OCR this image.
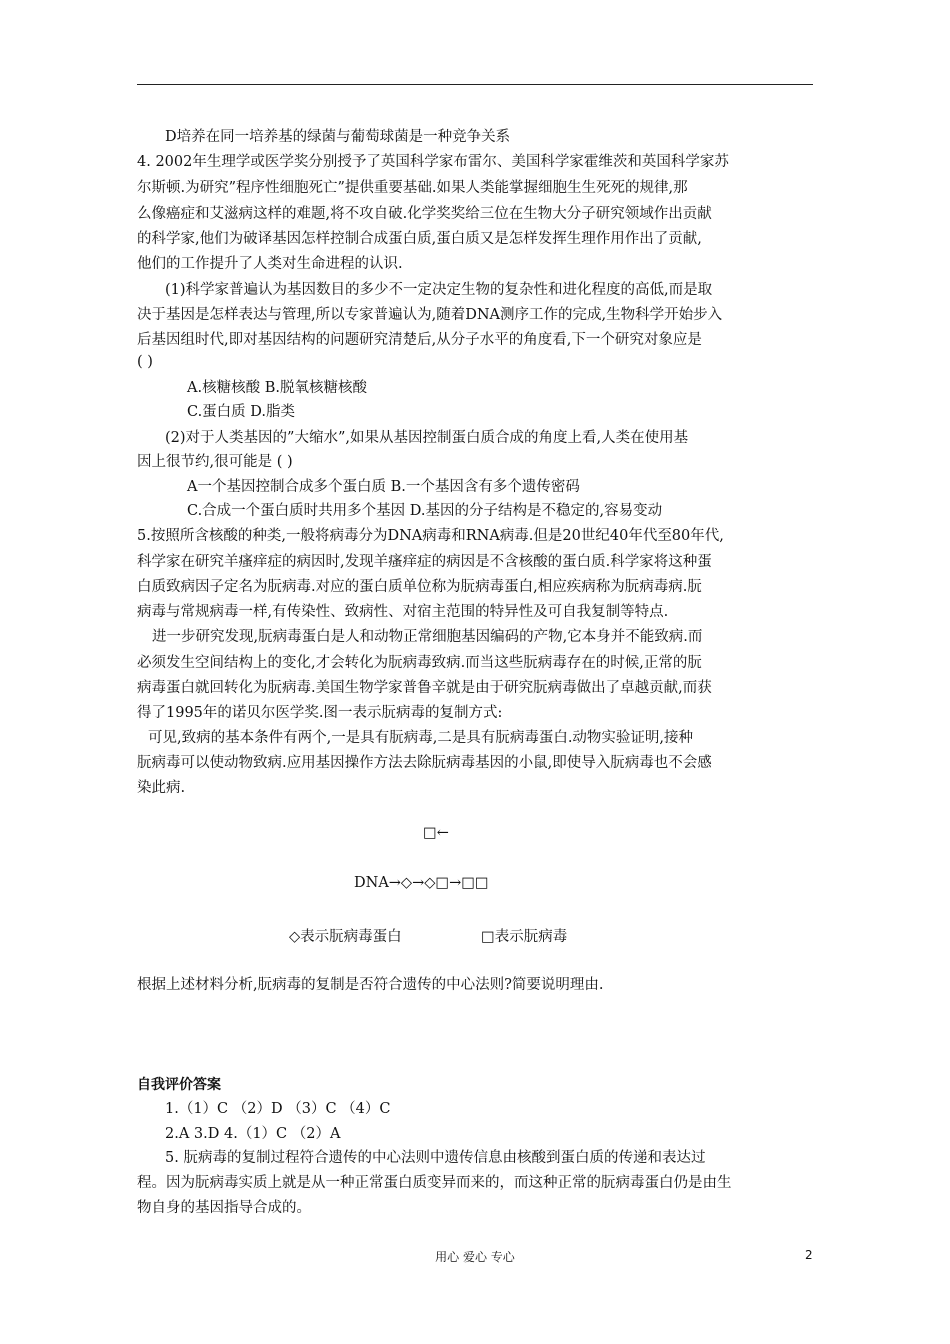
D培养在同一培养基的绿菌与葡萄球菌是一种竞争关系
4. 2002年生理学或医学奖分别授予了英国科学家布雷尔、美国科学家霍维茨和英国科学家苏
尔斯顿.为研究”程序性细胞死亡”提供重要基础.如果人类能掌握细胞生生死死的规律,那
么像癌症和艾滋病这样的难题,将不攻自破.化学奖奖给三位在生物大分子研究领域作出贡献
的科学家,他们为破译基因怎样控制合成蛋白质,蛋白质又是怎样发挥生理作用作出了贡献,
他们的工作提升了人类对生命进程的认识.
(1)科学家普遍认为基因数目的多少不一定决定生物的复杂性和进化程度的高低,而是取
决于基因是怎样表达与管理,所以专家普遍认为,随着DNA测序工作的完成,生物科学开始步入
后基因组时代,即对基因结构的问题研究清楚后,从分子水平的角度看,下一个研究对象应是
( )
A.核糖核酸 B.脱氧核糖核酸
C.蛋白质 D.脂类
(2)对于人类基因的”大缩水”,如果从基因控制蛋白质合成的角度上看,人类在使用基
因上很节约,很可能是 ( )
A一个基因控制合成多个蛋白质 B.一个基因含有多个遗传密码
C.合成一个蛋白质时共用多个基因 D.基因的分子结构是不稳定的,容易变动
5.按照所含核酸的种类,一般将病毒分为DNA病毒和RNA病毒.但是20世纪40年代至80年代,
科学家在研究羊瘙痒症的病因时,发现羊瘙痒症的病因是不含核酸的蛋白质.科学家将这种蛋
白质致病因子定名为朊病毒.对应的蛋白质单位称为朊病毒蛋白,相应疾病称为朊病毒病.朊
病毒与常规病毒一样,有传染性、致病性、对宿主范围的特异性及可自我复制等特点.
进一步研究发现,朊病毒蛋白是人和动物正常细胞基因编码的产物,它本身并不能致病.而
必须发生空间结构上的变化,才会转化为朊病毒致病.而当这些朊病毒存在的时候,正常的朊
病毒蛋白就回转化为朊病毒.美国生物学家普鲁辛就是由于研究朊病毒做出了卓越贡献,而获
得了1995年的诺贝尔医学奖.图一表示朊病毒的复制方式:
可见,致病的基本条件有两个,一是具有朊病毒,二是具有朊病毒蛋白.动物实验证明,接种
朊病毒可以使动物致病.应用基因操作方法去除朊病毒基因的小鼠,即使导入朊病毒也不会感
染此病.
□←
DNA→◇→◇□→□□
◇表示朊病毒蛋白	□表示朊病毒
根据上述材料分析,朊病毒的复制是否符合遗传的中心法则?简要说明理由.
自我评价答案
1.（1）C （2）D （3）C （4）C
2.A 3.D 4.（1）C （2）A
5. 朊病毒的复制过程符合遗传的中心法则中遗传信息由核酸到蛋白质的传递和表达过
程。因为朊病毒实质上就是从一种正常蛋白质变异而来的，而这种正常的朊病毒蛋白仍是由生
物自身的基因指导合成的。
用心 爱心 专心	2
